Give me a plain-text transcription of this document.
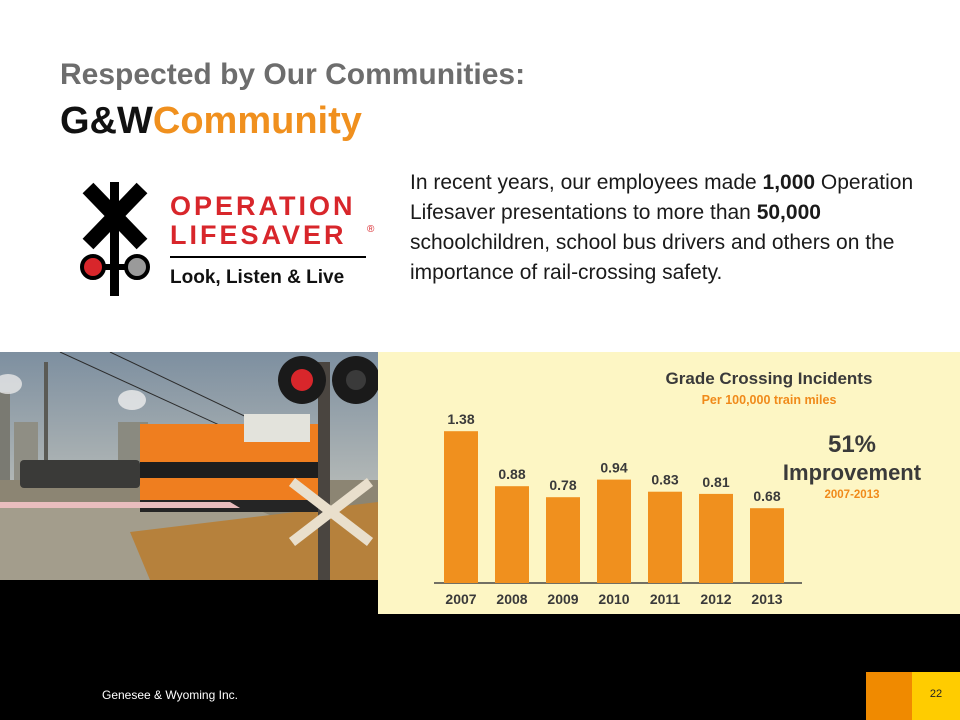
Respected by Our Communities:
G&WCommunity
OPERATION
LIFESAVER ®
Look, Listen & Live
In recent years, our employees made 1,000 Operation Lifesaver presentations to more than 50,000 schoolchildren, school bus drivers and others on the importance of rail-crossing safety.
Grade Crossing Incidents
Per 100,000 train miles
51%
Improvement
2007-2013
1.38
2007
0.88
2008
0.78
2009
0.94
2010
0.83
2011
0.81
2012
0.68
2013
Genesee & Wyoming Inc.	22
